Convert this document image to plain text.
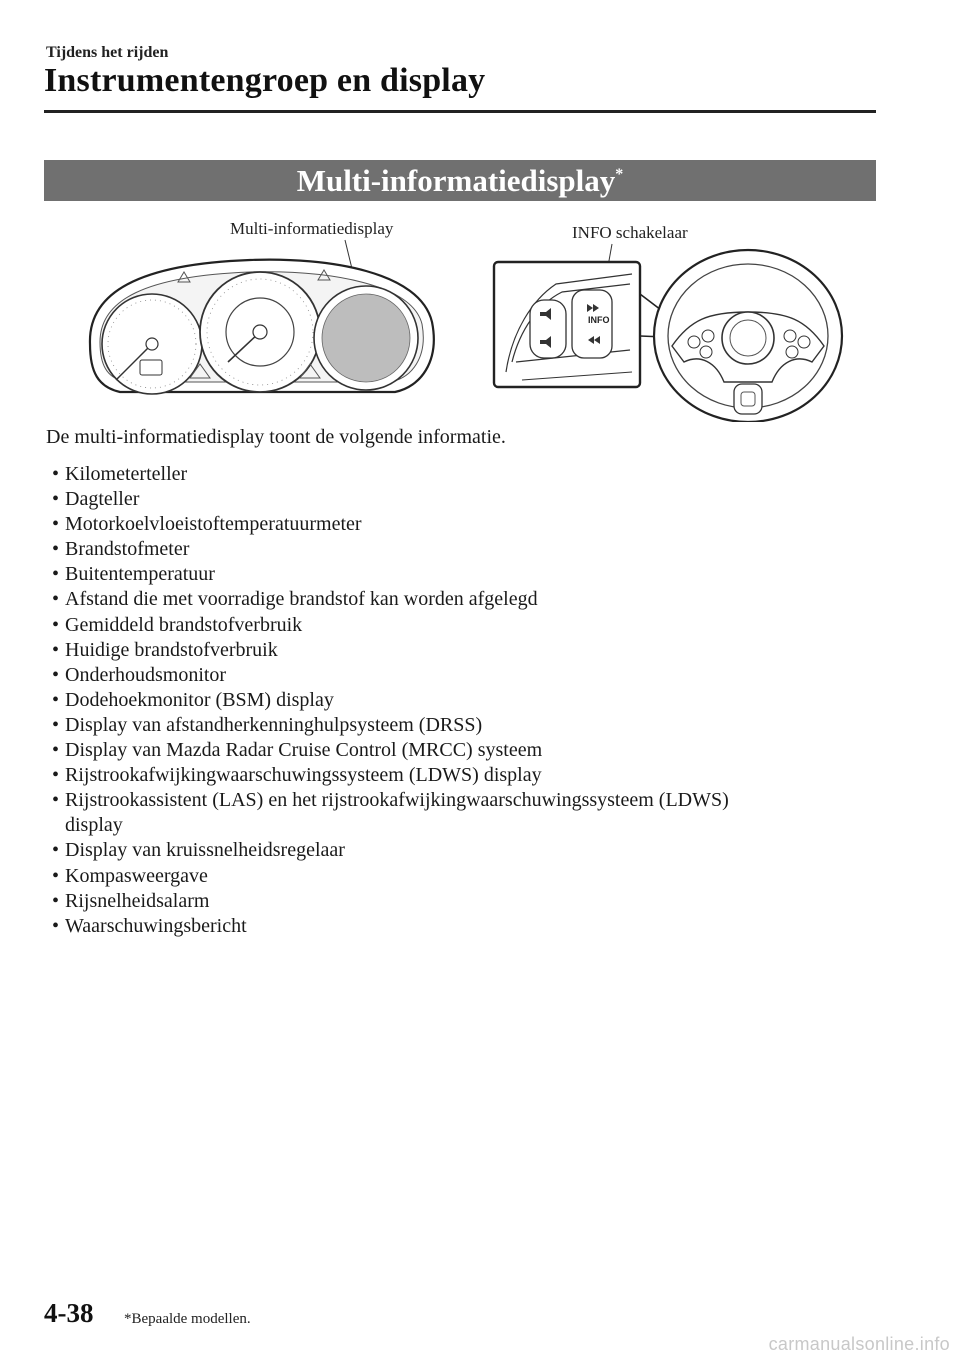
Tijdens het rijden
Instrumentengroep en display
Multi-informatiedisplay*
Multi-informatiedisplay	INFO schakelaar
INFO
De multi-informatiedisplay toont de volgende informatie.
• Kilometerteller
• Dagteller
• Motorkoelvloeistoftemperatuurmeter
• Brandstofmeter
• Buitentemperatuur
• Afstand die met voorradige brandstof kan worden afgelegd
• Gemiddeld brandstofverbruik
• Huidige brandstofverbruik
• Onderhoudsmonitor
• Dodehoekmonitor (BSM) display
• Display van afstandherkenninghulpsysteem (DRSS)
• Display van Mazda Radar Cruise Control (MRCC) systeem
• Rijstrookafwijkingwaarschuwingssysteem (LDWS) display
• Rijstrookassistent (LAS) en het rijstrookafwijkingwaarschuwingssysteem (LDWS)
display
• Display van kruissnelheidsregelaar
• Kompasweergave
• Rijsnelheidsalarm
• Waarschuwingsbericht
4-38 *Bepaalde modellen.
carmanualsonline.info
